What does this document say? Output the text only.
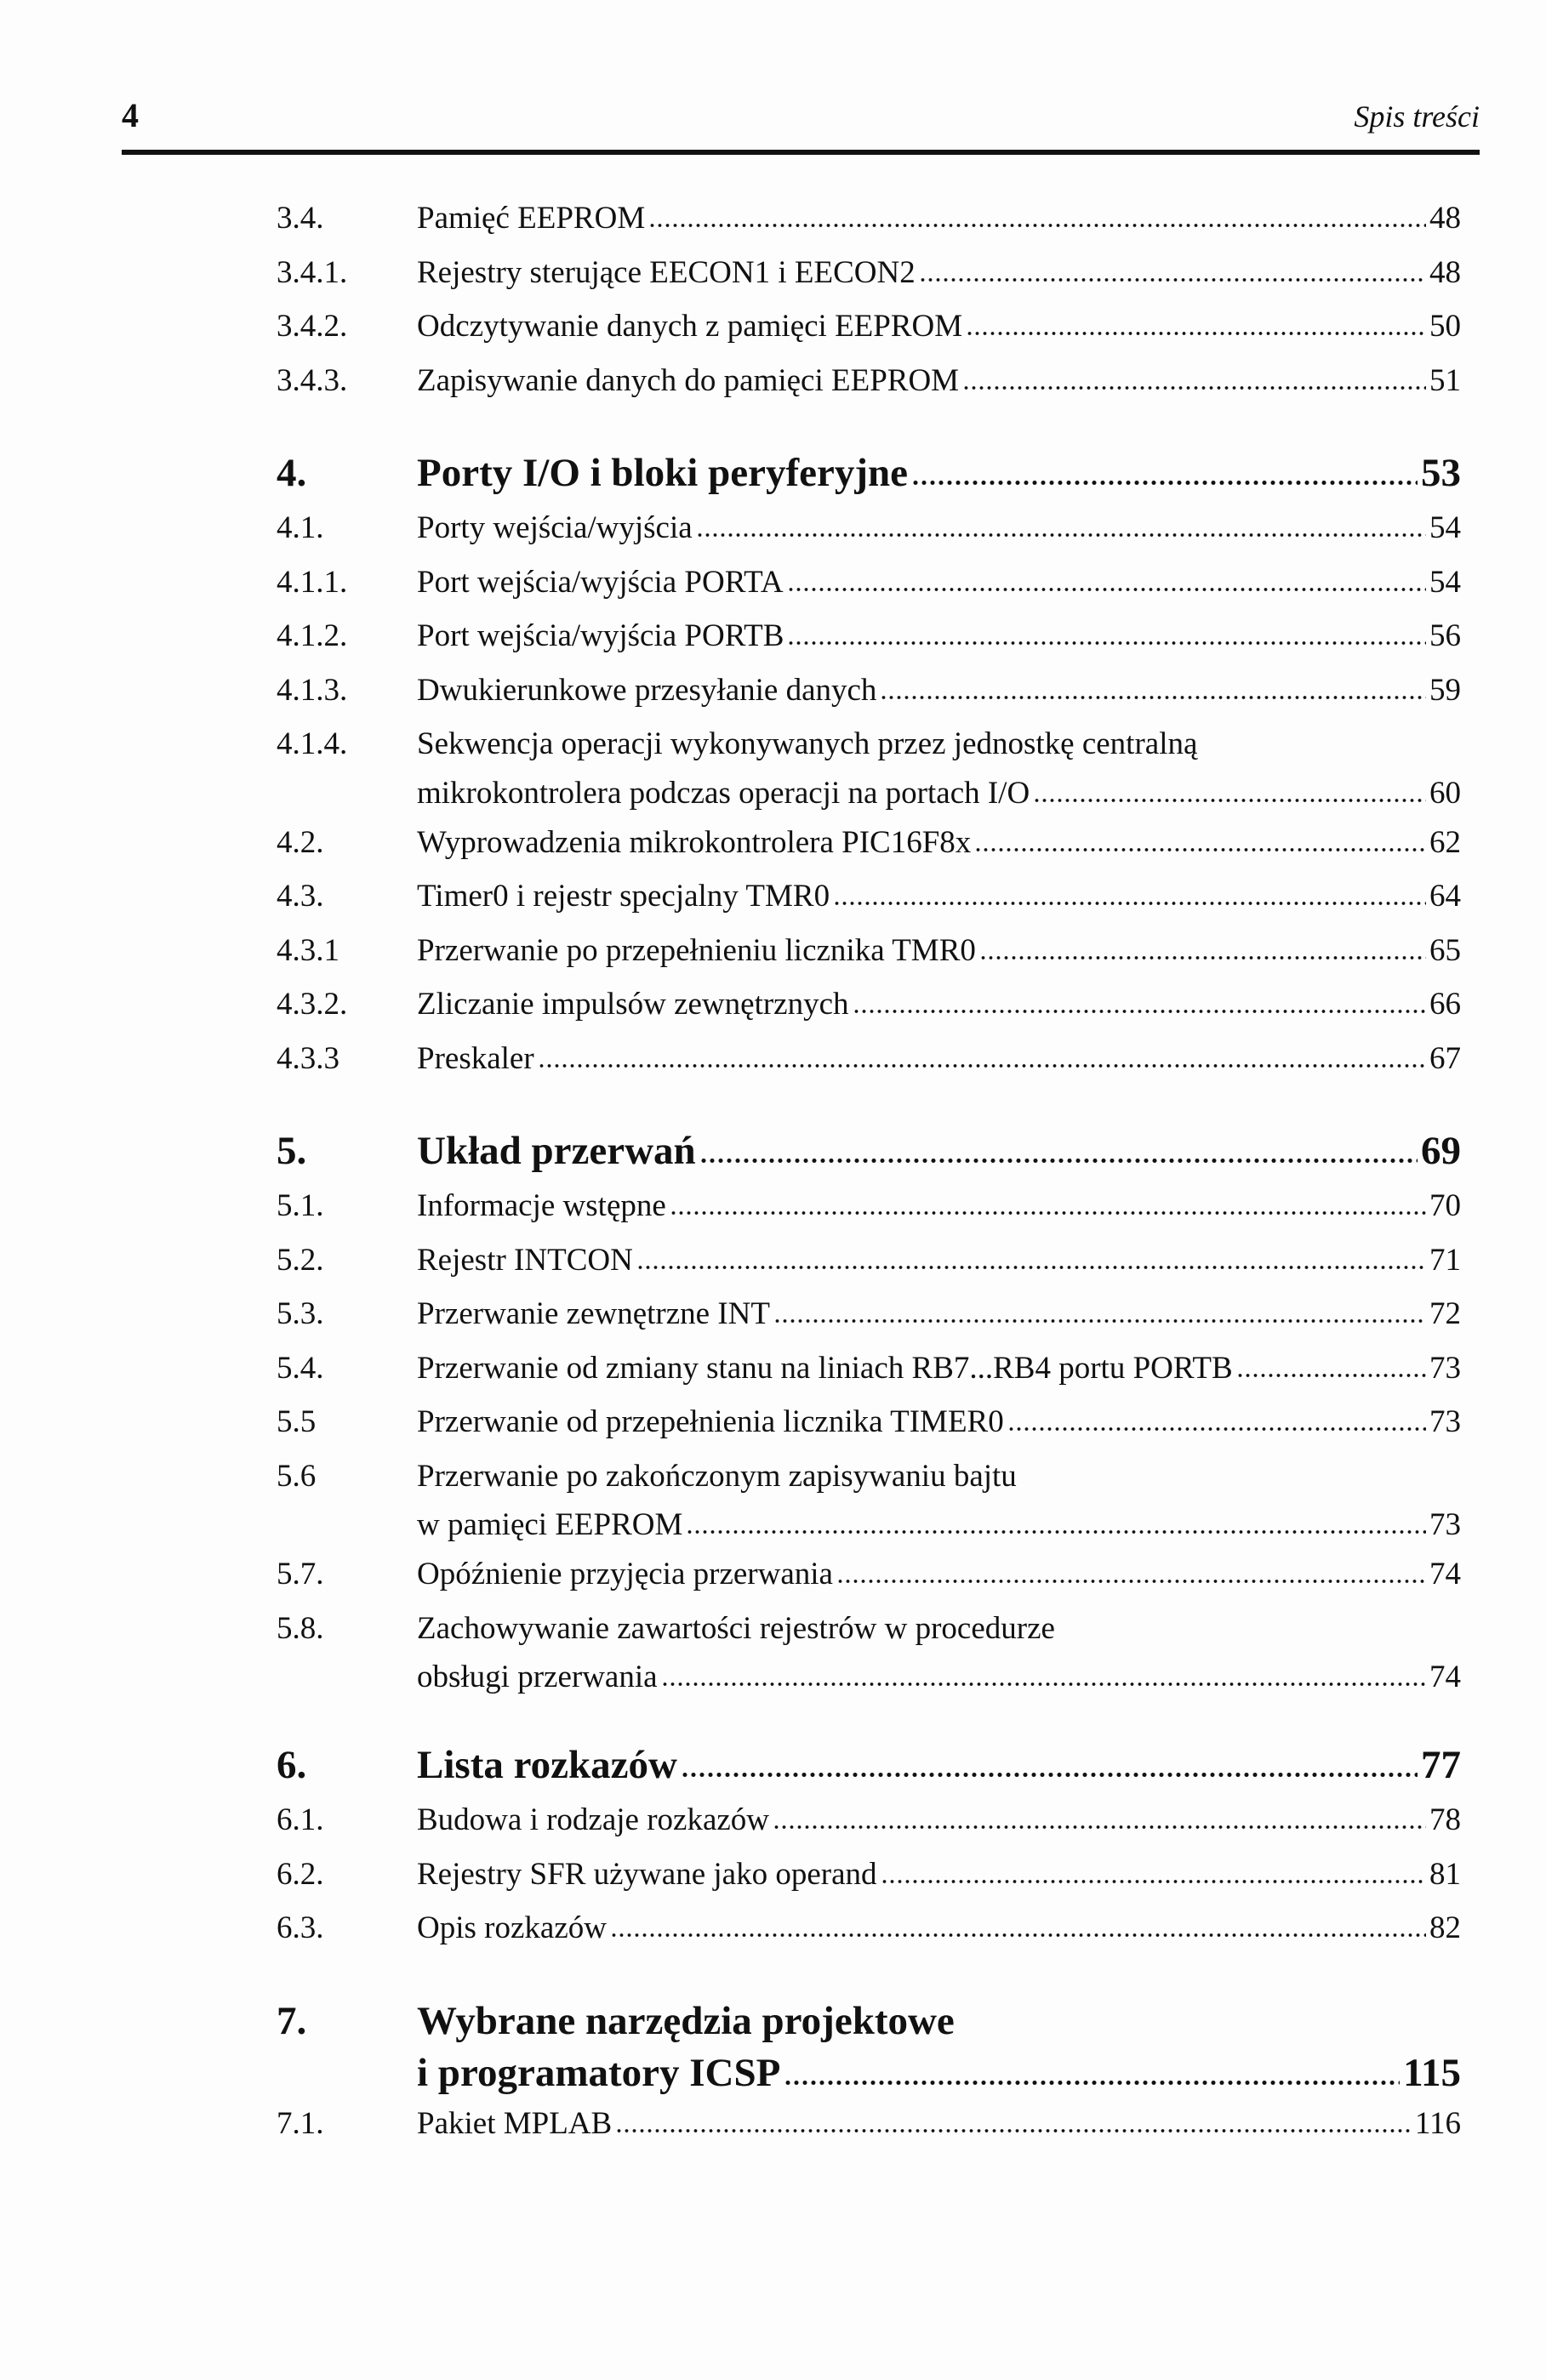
4	Spis treści
3.4.	Pamięć EEPROM	48
3.4.1.	Rejestry sterujące EECON1 i EECON2	48
3.4.2.	Odczytywanie danych z pamięci EEPROM	50
3.4.3.	Zapisywanie danych do pamięci EEPROM	51
4.	Porty I/O i bloki peryferyjne	53
4.1.	Porty wejścia/wyjścia	54
4.1.1.	Port wejścia/wyjścia PORTA	54
4.1.2.	Port wejścia/wyjścia PORTB	56
4.1.3.	Dwukierunkowe przesyłanie danych	59
4.1.4.	Sekwencja operacji wykonywanych przez jednostkę centralną
mikrokontrolera podczas operacji na portach I/O	60
4.2.	Wyprowadzenia mikrokontrolera PIC16F8x	62
4.3.	Timer0 i rejestr specjalny TMR0	64
4.3.1	Przerwanie po przepełnieniu licznika TMR0	65
4.3.2.	Zliczanie impulsów zewnętrznych	66
4.3.3	Preskaler	67
5.	Układ przerwań	69
5.1.	Informacje wstępne	70
5.2.	Rejestr INTCON	71
5.3.	Przerwanie zewnętrzne INT	72
5.4.	Przerwanie od zmiany stanu na liniach RB7...RB4 portu PORTB	73
5.5	Przerwanie od przepełnienia licznika TIMER0	73
5.6	Przerwanie po zakończonym zapisywaniu bajtu
w pamięci EEPROM	73
5.7.	Opóźnienie przyjęcia przerwania	74
5.8.	Zachowywanie zawartości rejestrów w procedurze
obsługi przerwania	74
6.	Lista rozkazów	77
6.1.	Budowa i rodzaje rozkazów	78
6.2.	Rejestry SFR używane jako operand	81
6.3.	Opis rozkazów	82
7.	Wybrane narzędzia projektowe
i programatory ICSP	115
7.1.	Pakiet MPLAB	116
